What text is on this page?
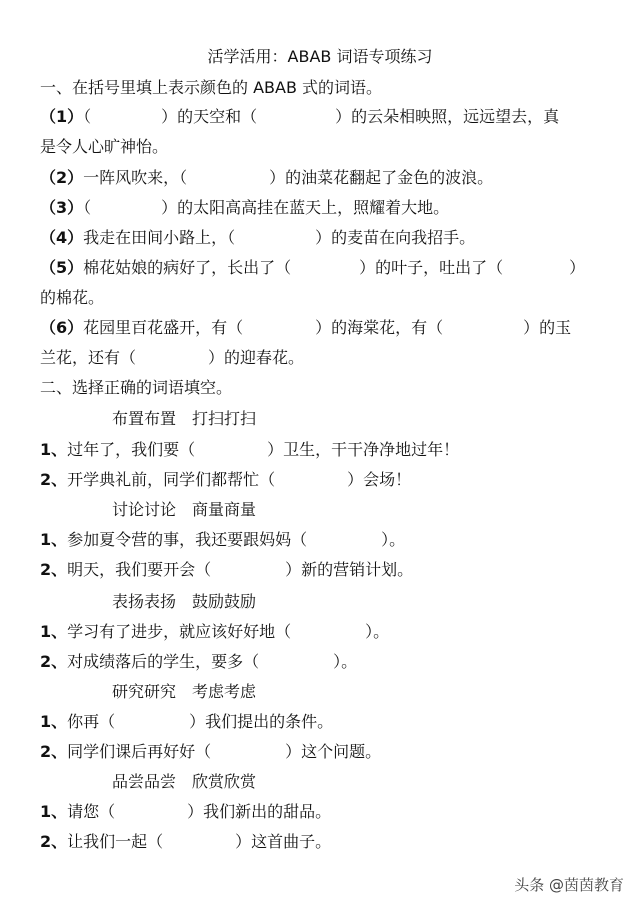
活学活用：ABAB 词语专项练习
一、在括号里填上表示颜色的 ABAB 式的词语。
（1）（	）的天空和（	）的云朵相映照，远远望去，真
是令人心旷神怡。
（2）一阵风吹来，（	）的油菜花翻起了金色的波浪。
（3）（	）的太阳高高挂在蓝天上，照耀着大地。
（4）我走在田间小路上，（	）的麦苗在向我招手。
（5）棉花姑娘的病好了，长出了（	）的叶子，吐出了（	）
的棉花。
（6）花园里百花盛开，有（	）的海棠花，有（	）的玉
兰花，还有（	）的迎春花。
二、选择正确的词语填空。
布置布置　打扫打扫
1、过年了，我们要（	）卫生，干干净净地过年！
2、开学典礼前，同学们都帮忙（	）会场！
讨论讨论　商量商量
1、参加夏令营的事，我还要跟妈妈（	）。
2、明天，我们要开会（	）新的营销计划。
表扬表扬　鼓励鼓励
1、学习有了进步，就应该好好地（	）。
2、对成绩落后的学生，要多（	）。
研究研究　考虑考虑
1、你再（	）我们提出的条件。
2、同学们课后再好好（	）这个问题。
品尝品尝　欣赏欣赏
1、请您（	）我们新出的甜品。
2、让我们一起（	）这首曲子。
头条 @茵茵教育
